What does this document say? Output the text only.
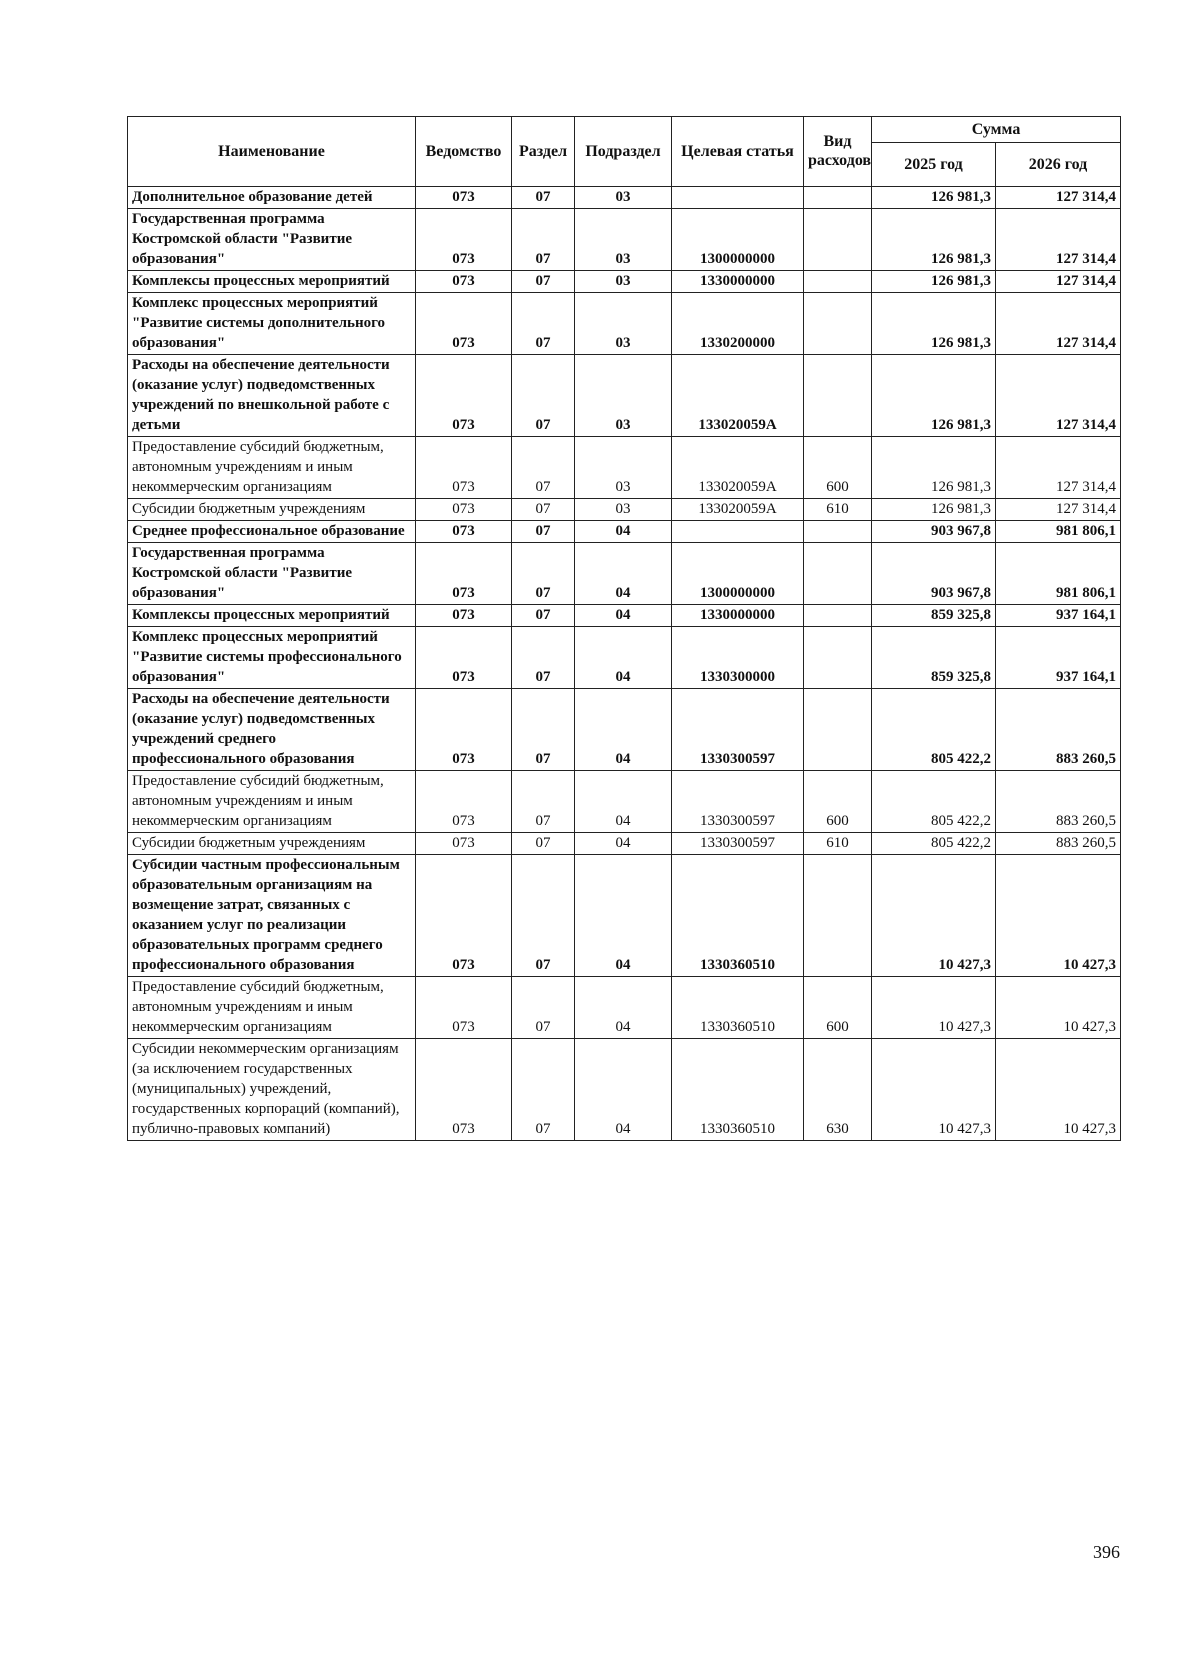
Наименование	Ведомство	Раздел	Подраздел	Целевая статья	Вид расходов	Сумма	
						2025 год	2026 год
Дополнительное образование детей	073	07	03			126 981,3	127 314,4
Государственная программа Костромской области "Развитие образования"	073	07	03	1300000000		126 981,3	127 314,4
Комплексы процессных мероприятий	073	07	03	1330000000		126 981,3	127 314,4
Комплекс процессных мероприятий "Развитие системы дополнительного образования"	073	07	03	1330200000		126 981,3	127 314,4
Расходы на обеспечение деятельности (оказание услуг) подведомственных учреждений по внешкольной работе с детьми	073	07	03	133020059А		126 981,3	127 314,4
Предоставление субсидий бюджетным, автономным учреждениям и иным некоммерческим организациям	073	07	03	133020059А	600	126 981,3	127 314,4
Субсидии бюджетным учреждениям	073	07	03	133020059А	610	126 981,3	127 314,4
Среднее профессиональное образование	073	07	04			903 967,8	981 806,1
Государственная программа Костромской области "Развитие образования"	073	07	04	1300000000		903 967,8	981 806,1
Комплексы процессных мероприятий	073	07	04	1330000000		859 325,8	937 164,1
Комплекс процессных мероприятий "Развитие системы профессионального образования"	073	07	04	1330300000		859 325,8	937 164,1
Расходы на обеспечение деятельности (оказание услуг) подведомственных учреждений среднего профессионального образования	073	07	04	1330300597		805 422,2	883 260,5
Предоставление субсидий бюджетным, автономным учреждениям и иным некоммерческим организациям	073	07	04	1330300597	600	805 422,2	883 260,5
Субсидии бюджетным учреждениям	073	07	04	1330300597	610	805 422,2	883 260,5
Субсидии частным профессиональным образовательным организациям на возмещение затрат, связанных с оказанием услуг по реализации образовательных программ среднего профессионального образования	073	07	04	1330360510		10 427,3	10 427,3
Предоставление субсидий бюджетным, автономным учреждениям и иным некоммерческим организациям	073	07	04	1330360510	600	10 427,3	10 427,3
Субсидии некоммерческим организациям (за исключением государственных (муниципальных) учреждений, государственных корпораций (компаний), публично-правовых компаний)	073	07	04	1330360510	630	10 427,3	10 427,3
396
